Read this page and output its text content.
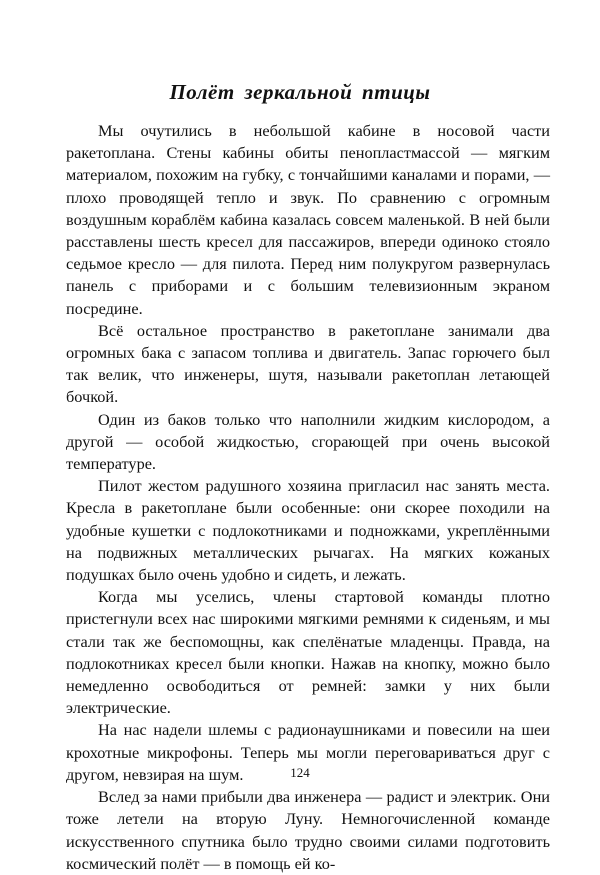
Полёт зеркальной птицы

Мы очутились в небольшой кабине в носовой части ракетоплана. Стены кабины обиты пенопластмассой — мягким материалом, похожим на губку, с тончайшими каналами и порами, — плохо проводящей тепло и звук. По сравнению с огромным воздушным кораблём кабина казалась совсем маленькой. В ней были расставлены шесть кресел для пассажиров, впереди одиноко стояло седьмое кресло — для пилота. Перед ним полукругом развернулась панель с приборами и с большим телевизионным экраном посредине.

Всё остальное пространство в ракетоплане занимали два огромных бака с запасом топлива и двигатель. Запас горючего был так велик, что инженеры, шутя, называли ракетоплан летающей бочкой.

Один из баков только что наполнили жидким кислородом, а другой — особой жидкостью, сгорающей при очень высокой температуре.

Пилот жестом радушного хозяина пригласил нас занять места. Кресла в ракетоплане были особенные: они скорее походили на удобные кушетки с подлокотниками и подножками, укреплёнными на подвижных металлических рычагах. На мягких кожаных подушках было очень удобно и сидеть, и лежать.

Когда мы уселись, члены стартовой команды плотно пристегнули всех нас широкими мягкими ремнями к сиденьям, и мы стали так же беспомощны, как спелёнатые младенцы. Правда, на подлокотниках кресел были кнопки. Нажав на кнопку, можно было немедленно освободиться от ремней: замки у них были электрические.

На нас надели шлемы с радионаушниками и повесили на шеи крохотные микрофоны. Теперь мы могли переговариваться друг с другом, невзирая на шум.

Вслед за нами прибыли два инженера — радист и электрик. Они тоже летели на вторую Луну. Немногочисленной команде искусственного спутника было трудно своими силами подготовить космический полёт — в помощь ей ко-

124
